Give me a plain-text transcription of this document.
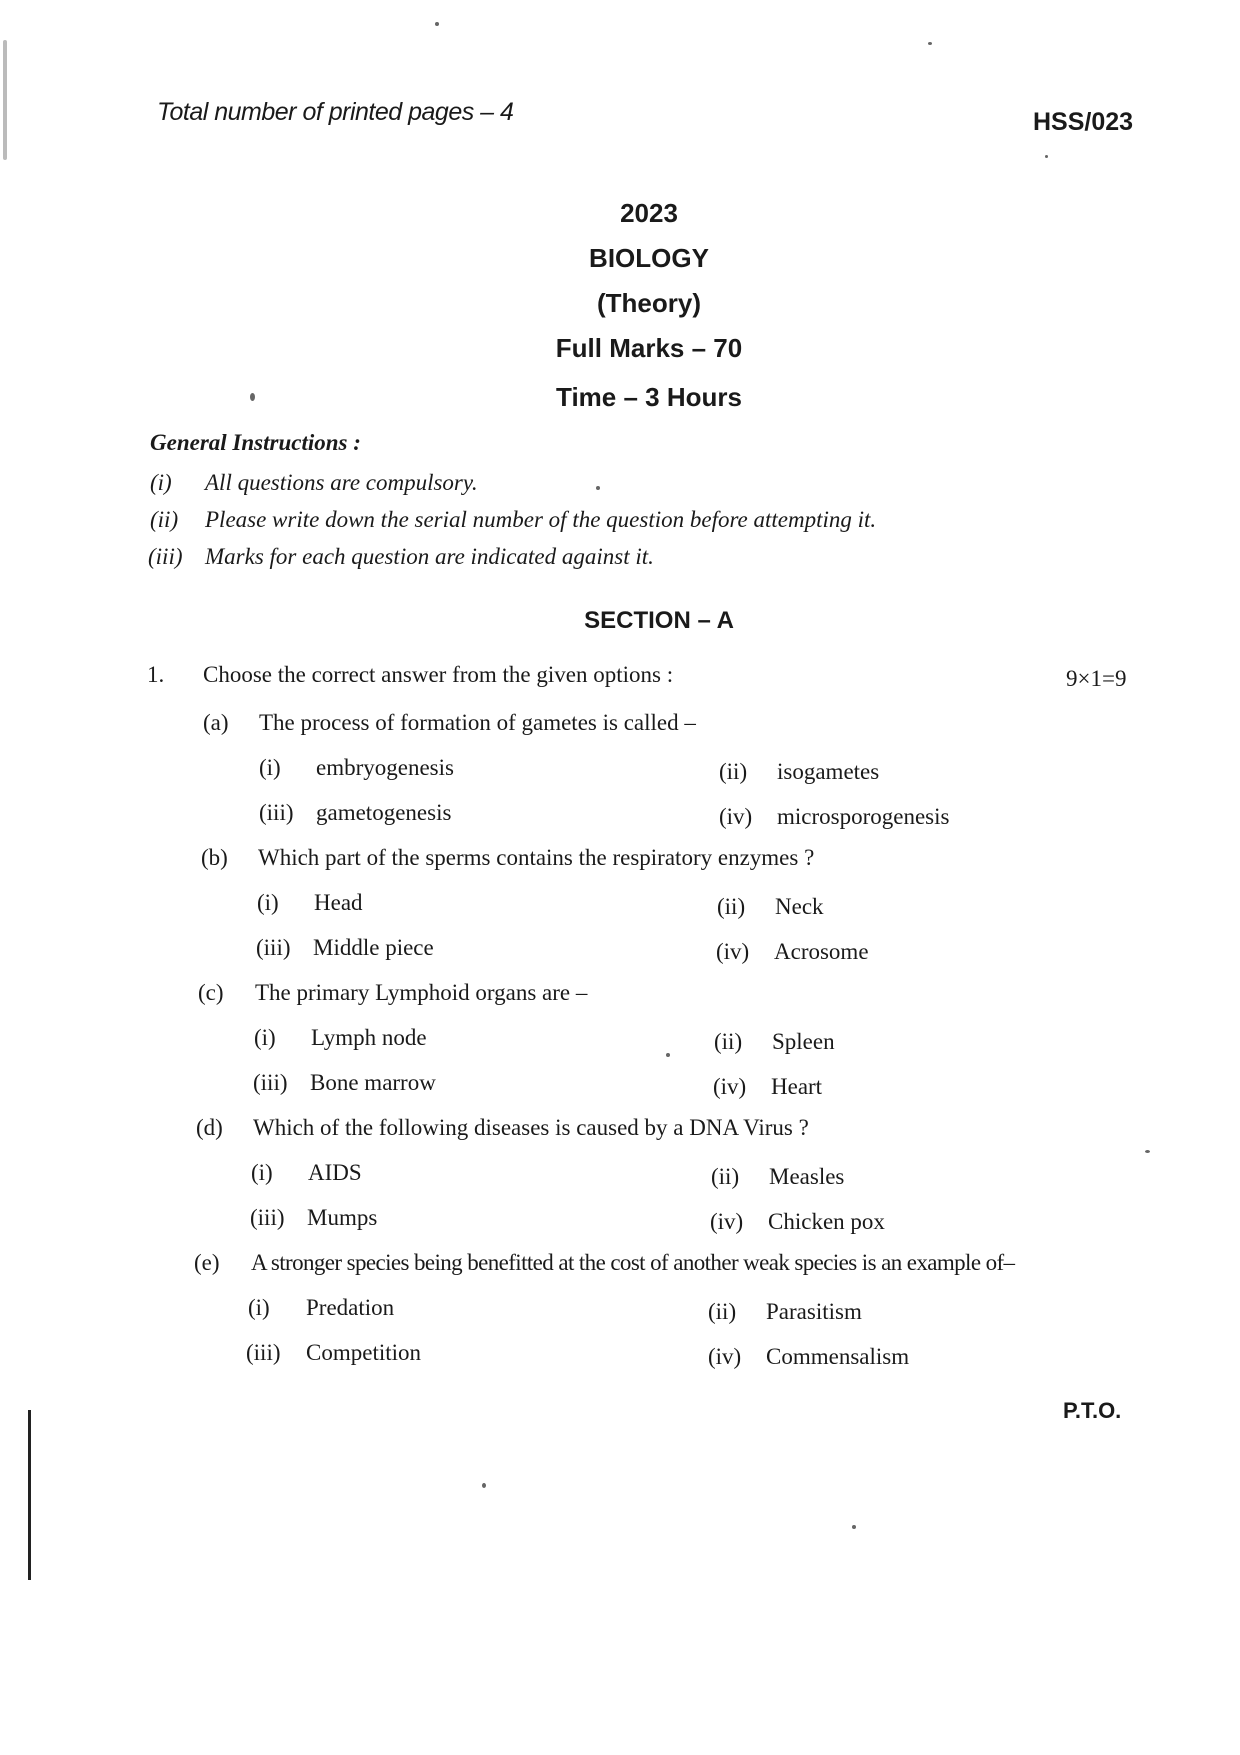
Total number of printed pages – 4	HSS/023
2023
BIOLOGY
(Theory)
Full Marks – 70
Time – 3 Hours
General Instructions :
(i) All questions are compulsory.
(ii) Please write down the serial number of the question before attempting it.
(iii) Marks for each question are indicated against it.
SECTION – A
1. Choose the correct answer from the given options :	9×1=9
(a) The process of formation of gametes is called –
(i) embryogenesis	(ii) isogametes
(iii) gametogenesis	(iv) microsporogenesis
(b) Which part of the sperms contains the respiratory enzymes ?
(i) Head	(ii) Neck
(iii) Middle piece	(iv) Acrosome
(c) The primary Lymphoid organs are –
(i) Lymph node	(ii) Spleen
(iii) Bone marrow	(iv) Heart
(d) Which of the following diseases is caused by a DNA Virus ?
(i) AIDS	(ii) Measles
(iii) Mumps	(iv) Chicken pox
(e) A stronger species being benefitted at the cost of another weak species is an example of–
(i) Predation	(ii) Parasitism
(iii) Competition	(iv) Commensalism
P.T.O.
